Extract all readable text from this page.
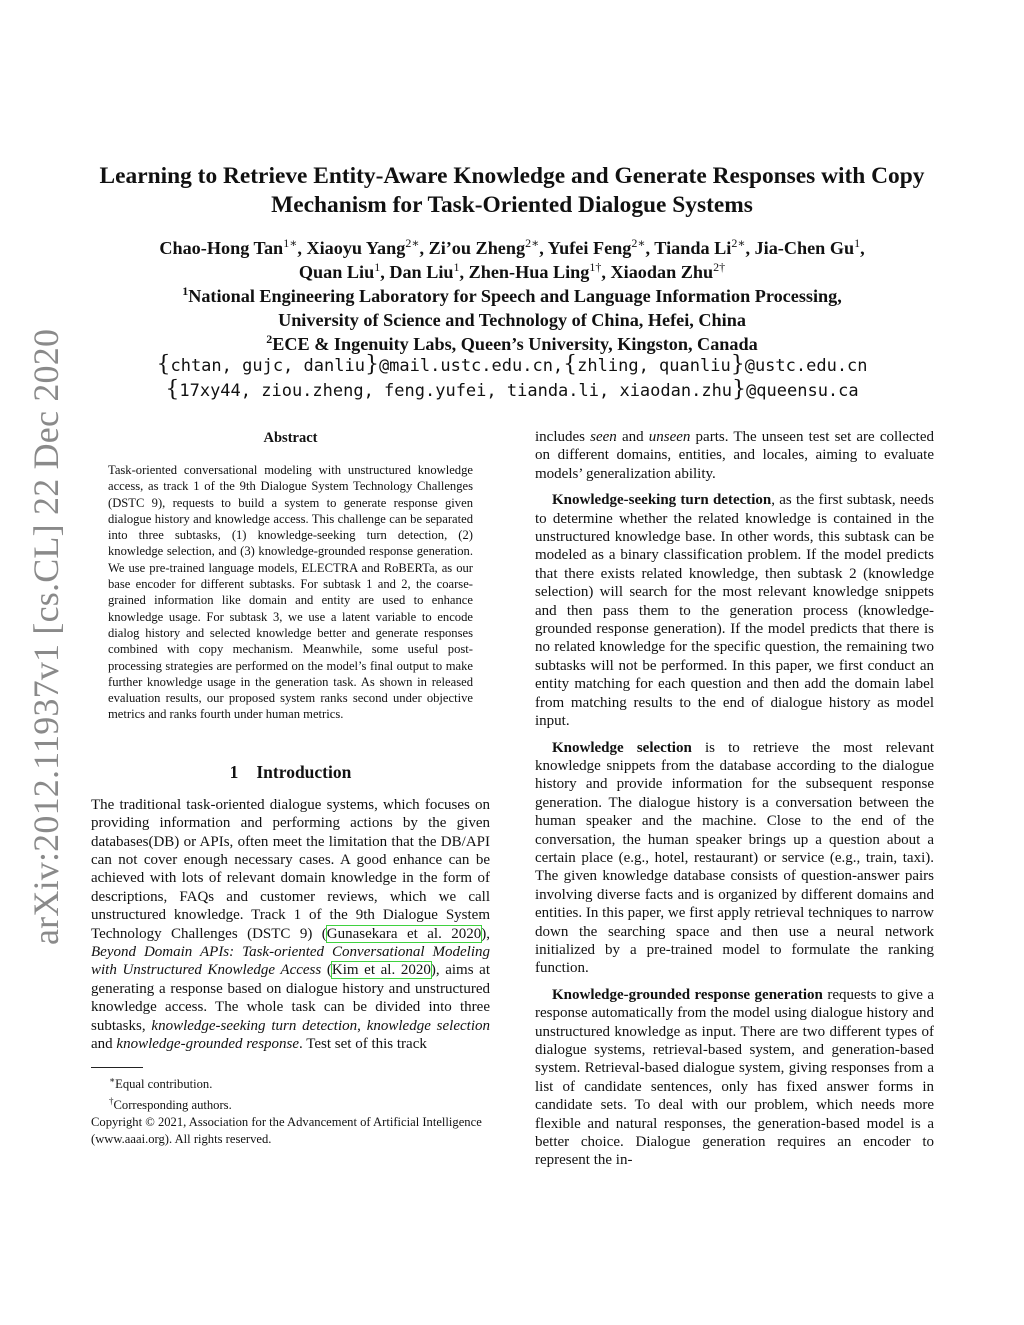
arXiv:2012.11937v1 [cs.CL] 22 Dec 2020
Learning to Retrieve Entity-Aware Knowledge and Generate Responses with Copy
Mechanism for Task-Oriented Dialogue Systems
Chao-Hong Tan$^{1∗}$, Xiaoyu Yang$^{2∗}$, Zi’ou Zheng$^{2∗}$, Yufei Feng$^{2∗}$, Tianda $Li^{2∗}$, Jia-Chen Gu$^1$,
Quan Liu$^1$, Dan Liu$^1$, Zhen-Hua Ling$^{1\dagger}$, Xiaodan Zhu$^{2\dagger}$
$^1$National Engineering Laboratory for Speech and Language Information Processing,
University of Science and Technology of China, Hefei, China
$^2$ECE & Ingenuity Labs, Queen’s University, Kingston, Canada
{chtan, gujc, danliu}@mail.ustc.edu.cn,{zhling, quanliu}@ustc.edu.cn
{17xy44, ziou.zheng, feng.yufei, tianda.li, xiaodan.zhu}@queensu.ca
Abstract

Task-oriented conversational modeling with unstructured knowledge access, as track 1 of the 9th Dialogue System Technology Challenges (DSTC 9), requests to build a system to generate response given dialogue history and knowledge access. This challenge can be separated into three subtasks, (1) knowledge-seeking turn detection, (2) knowledge selection, and (3) knowledge-grounded response generation. We use pre-trained language models, ELECTRA and RoBERTa, as our base encoder for different subtasks. For subtask 1 and 2, the coarse-grained information like domain and entity are used to enhance knowledge usage. For subtask 3, we use a latent variable to encode dialog history and selected knowledge better and generate responses combined with copy mechanism. Meanwhile, some useful post-processing strategies are performed on the model’s final output to make further knowledge usage in the generation task. As shown in released evaluation results, our proposed system ranks second under objective metrics and ranks fourth under human metrics.

1 Introduction

The traditional task-oriented dialogue systems, which focuses on providing information and performing actions by the given databases(DB) or APIs, often meet the limitation that the DB/API can not cover enough necessary cases. A good enhance can be achieved with lots of relevant domain knowledge in the form of descriptions, FAQs and customer reviews, which we call unstructured knowledge. Track 1 of the 9th Dialogue System Technology Challenges (DSTC 9) (Gunasekara et al. 2020), Beyond Domain APIs: Task-oriented Conversational Modeling with Unstructured Knowledge Access (Kim et al. 2020), aims at generating a response based on dialogue history and unstructured knowledge access. The whole task can be divided into three subtasks, knowledge-seeking turn detection, knowledge selection and knowledge-grounded response. Test set of this track

∗Equal contribution.

†Corresponding authors.

Copyright © 2021, Association for the Advancement of Artificial Intelligence (www.aaai.org). All rights reserved.

includes seen and unseen parts. The unseen test set are collected on different domains, entities, and locales, aiming to evaluate models’ generalization ability.

Knowledge-seeking turn detection, as the first subtask, needs to determine whether the related knowledge is contained in the unstructured knowledge base. In other words, this subtask can be modeled as a binary classification problem. If the model predicts that there exists related knowledge, then subtask 2 (knowledge selection) will search for the most relevant knowledge snippets and then pass them to the generation process (knowledge-grounded response generation). If the model predicts that there is no related knowledge for the specific question, the remaining two subtasks will not be performed. In this paper, we first conduct an entity matching for each question and then add the domain label from matching results to the end of dialogue history as model input.

Knowledge selection is to retrieve the most relevant knowledge snippets from the database according to the dialogue history and provide information for the subsequent response generation. The dialogue history is a conversation between the human speaker and the machine. Close to the end of the conversation, the human speaker brings up a question about a certain place (e.g., hotel, restaurant) or service (e.g., train, taxi). The given knowledge database consists of question-answer pairs involving diverse facts and is organized by different domains and entities. In this paper, we first apply retrieval techniques to narrow down the searching space and then use a neural network initialized by a pre-trained model to formulate the ranking function.

Knowledge-grounded response generation requests to give a response automatically from the model using dialogue history and unstructured knowledge as input. There are two different types of dialogue systems, retrieval-based system, and generation-based system. Retrieval-based dialogue system, giving responses from a list of candidate sentences, only has fixed answer forms in candidate sets. To deal with our problem, which needs more flexible and natural responses, the generation-based model is a better choice. Dialogue generation requires an encoder to represent the in-
